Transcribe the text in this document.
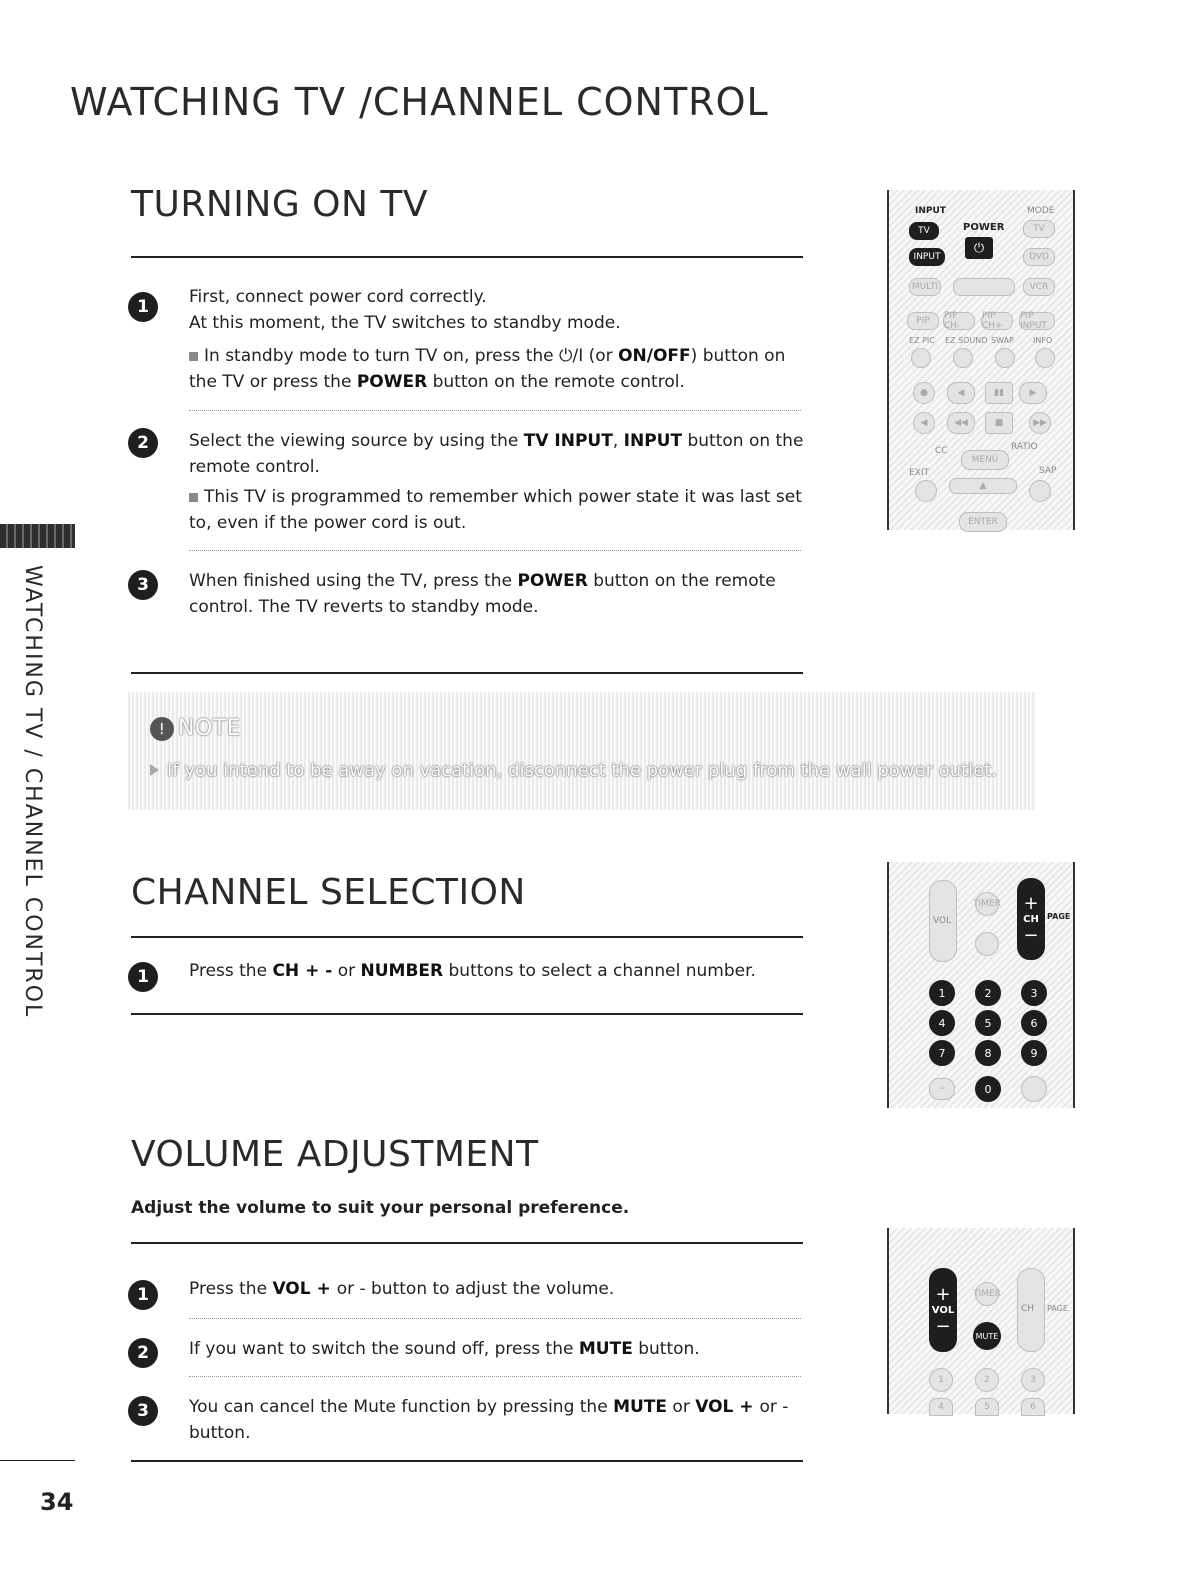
WATCHING TV /CHANNEL CONTROL
WATCHING TV / CHANNEL CONTROL
TURNING ON TV
1	First, connect power cord correctly.
At this moment, the TV switches to standby mode.
In standby mode to turn TV on, press the ⏻/I (or ON/OFF) button on the TV or press the POWER button on the remote control.
2	Select the viewing source by using the TV INPUT, INPUT button on the remote control.
This TV is programmed to remember which power state it was last set to, even if the power cord is out.
3	When finished using the TV, press the POWER button on the remote control. The TV reverts to standby mode.
INPUT	MODE
TV	POWER
⏻
TV
INPUT	DVD
MULTI	VCR
PIP	PIP CH-
PIP CH+
PIP INPUT
EZ PIC EZ SOUND SWAP INFO
●	◀	▮▮	▶
◀	◀◀	■	▶▶
CC	RATIO
MENU
EXIT	SAP
▲
ENTER
! NOTE
If you intend to be away on vacation, disconnect the power plug from the wall power outlet.
CHANNEL SELECTION
1	Press the CH + - or NUMBER buttons to select a channel number.
VOL
TIMER +
CH
−
PAGE
1	2	3
4	5	6
7	8	9
−	0
VOLUME ADJUSTMENT
Adjust the volume to suit your personal preference.
1	Press the VOL + or - button to adjust the volume.
2	If you want to switch the sound off, press the MUTE button.
3	You can cancel the Mute function by pressing the MUTE or VOL + or - button.
+
VOL
−
TIMER
MUTE
CH PAGE
1	2	3
4	5	6
34
